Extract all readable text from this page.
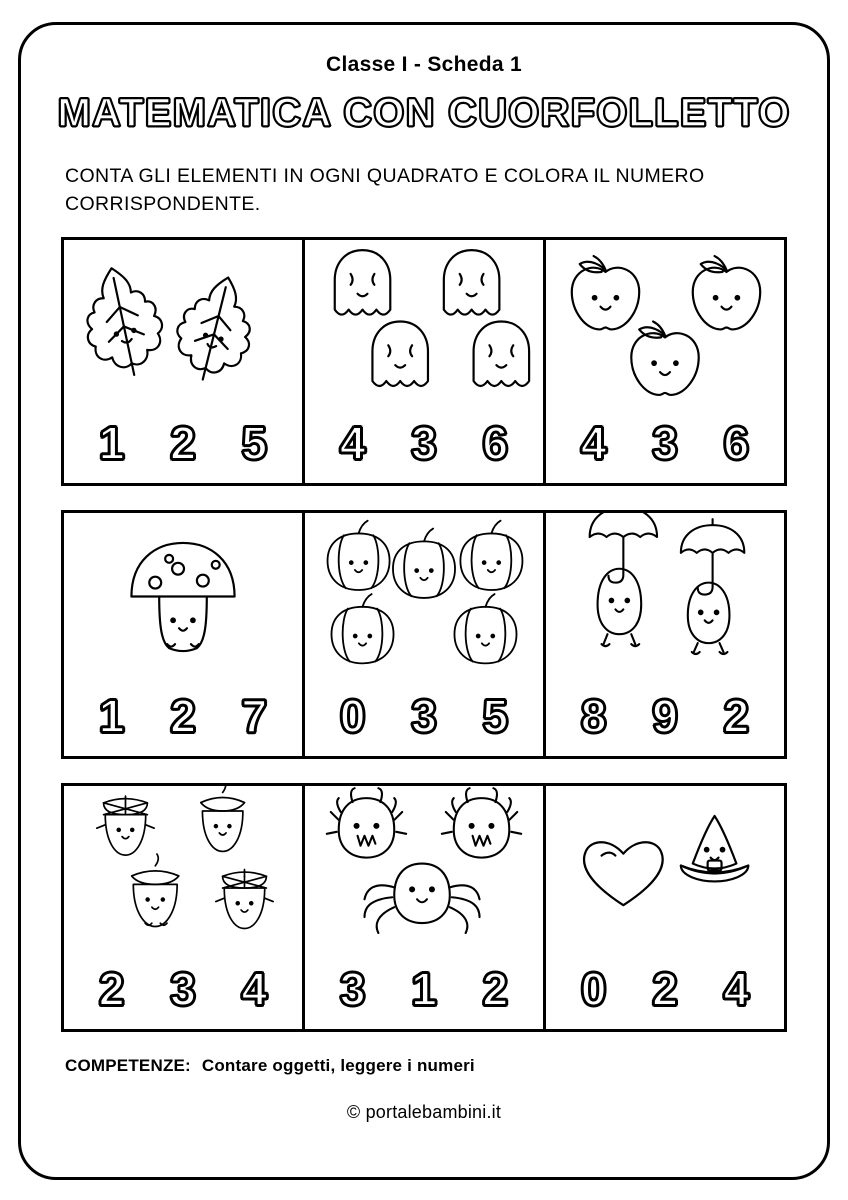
Classe I - Scheda 1
MATEMATICA CON CUORFOLLETTO
CONTA GLI ELEMENTI IN OGNI QUADRATO E COLORA IL NUMERO CORRISPONDENTE.
1 2 5 4 3 6 4 3 6
1 2 7 0 3 5 8 9 2
2 3 4 3 1 2 0 2 4
COMPETENZE: Contare oggetti, leggere i numeri
© portalebambini.it
